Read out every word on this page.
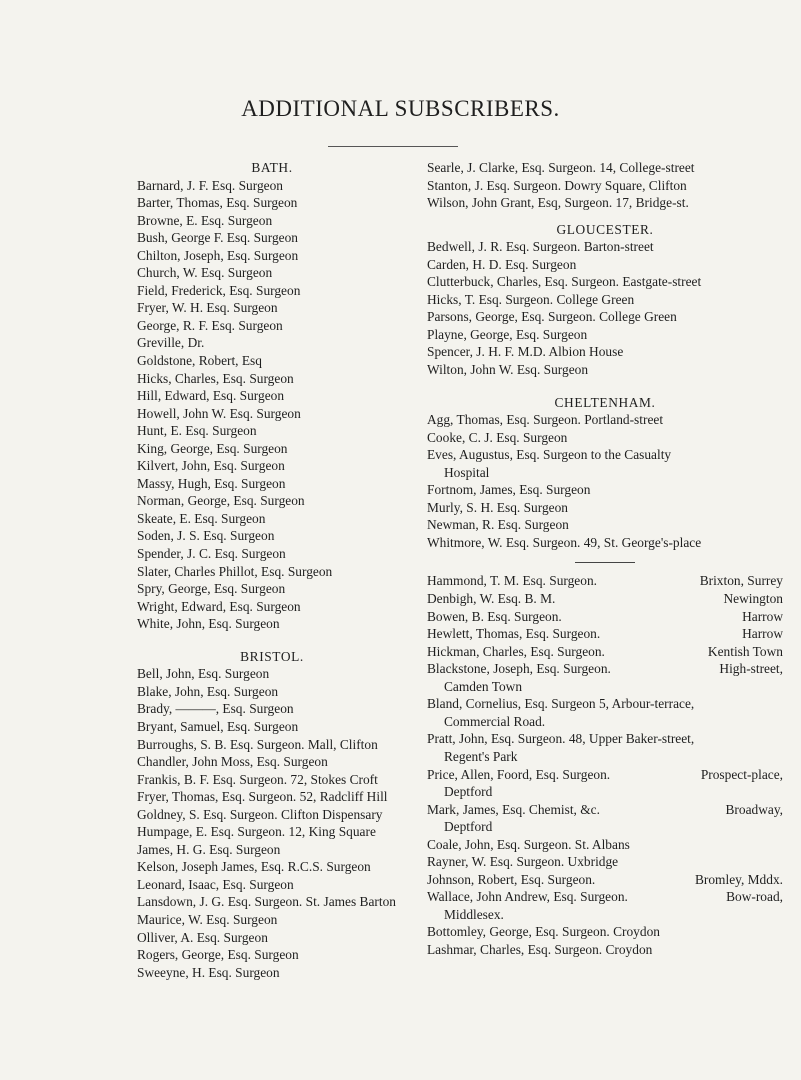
ADDITIONAL SUBSCRIBERS.
BATH.
Barnard, J. F. Esq. Surgeon
Barter, Thomas, Esq. Surgeon
Browne, E. Esq. Surgeon
Bush, George F. Esq. Surgeon
Chilton, Joseph, Esq. Surgeon
Church, W. Esq. Surgeon
Field, Frederick, Esq. Surgeon
Fryer, W. H. Esq. Surgeon
George, R. F. Esq. Surgeon
Greville, Dr.
Goldstone, Robert, Esq
Hicks, Charles, Esq. Surgeon
Hill, Edward, Esq. Surgeon
Howell, John W. Esq. Surgeon
Hunt, E. Esq. Surgeon
King, George, Esq. Surgeon
Kilvert, John, Esq. Surgeon
Massy, Hugh, Esq. Surgeon
Norman, George, Esq. Surgeon
Skeate, E. Esq. Surgeon
Soden, J. S. Esq. Surgeon
Spender, J. C. Esq. Surgeon
Slater, Charles Phillot, Esq. Surgeon
Spry, George, Esq. Surgeon
Wright, Edward, Esq. Surgeon
White, John, Esq. Surgeon
BRISTOL.
Bell, John, Esq. Surgeon
Blake, John, Esq. Surgeon
Brady, ———, Esq. Surgeon
Bryant, Samuel, Esq. Surgeon
Burroughs, S. B. Esq. Surgeon. Mall, Clifton
Chandler, John Moss, Esq. Surgeon
Frankis, B. F. Esq. Surgeon. 72, Stokes Croft
Fryer, Thomas, Esq. Surgeon. 52, Radcliff Hill
Goldney, S. Esq. Surgeon. Clifton Dispensary
Humpage, E. Esq. Surgeon. 12, King Square
James, H. G. Esq. Surgeon
Kelson, Joseph James, Esq. R.C.S. Surgeon
Leonard, Isaac, Esq. Surgeon
Lansdown, J. G. Esq. Surgeon. St. James Barton
Maurice, W. Esq. Surgeon
Olliver, A. Esq. Surgeon
Rogers, George, Esq. Surgeon
Sweeyne, H. Esq. Surgeon
Searle, J. Clarke, Esq. Surgeon. 14, College-street
Stanton, J. Esq. Surgeon. Dowry Square, Clifton
Wilson, John Grant, Esq, Surgeon. 17, Bridge-st.
GLOUCESTER.
Bedwell, J. R. Esq. Surgeon. Barton-street
Carden, H. D. Esq. Surgeon
Clutterbuck, Charles, Esq. Surgeon. Eastgate-street
Hicks, T. Esq. Surgeon. College Green
Parsons, George, Esq. Surgeon. College Green
Playne, George, Esq. Surgeon
Spencer, J. H. F. M.D. Albion House
Wilton, John W. Esq. Surgeon
CHELTENHAM.
Agg, Thomas, Esq. Surgeon. Portland-street
Cooke, C. J. Esq. Surgeon
Eves, Augustus, Esq. Surgeon to the Casualty
Hospital
Fortnom, James, Esq. Surgeon
Murly, S. H. Esq. Surgeon
Newman, R. Esq. Surgeon
Whitmore, W. Esq. Surgeon. 49, St. George's-place
Hammond, T. M. Esq. Surgeon.	Brixton, Surrey
Denbigh, W. Esq. B. M.	Newington
Bowen, B. Esq. Surgeon.	Harrow
Hewlett, Thomas, Esq. Surgeon.	Harrow
Hickman, Charles, Esq. Surgeon.	Kentish Town
Blackstone, Joseph, Esq. Surgeon.	High-street,
Camden Town
Bland, Cornelius, Esq. Surgeon 5, Arbour-terrace,
Commercial Road.
Pratt, John, Esq. Surgeon. 48, Upper Baker-street,
Regent's Park
Price, Allen, Foord, Esq. Surgeon.	Prospect-place,
Deptford
Mark, James, Esq. Chemist, &c.	Broadway,
Deptford
Coale, John, Esq. Surgeon. St. Albans
Rayner, W. Esq. Surgeon. Uxbridge
Johnson, Robert, Esq. Surgeon.	Bromley, Mddx.
Wallace, John Andrew, Esq. Surgeon.	Bow-road,
Middlesex.
Bottomley, George, Esq. Surgeon. Croydon
Lashmar, Charles, Esq. Surgeon. Croydon
